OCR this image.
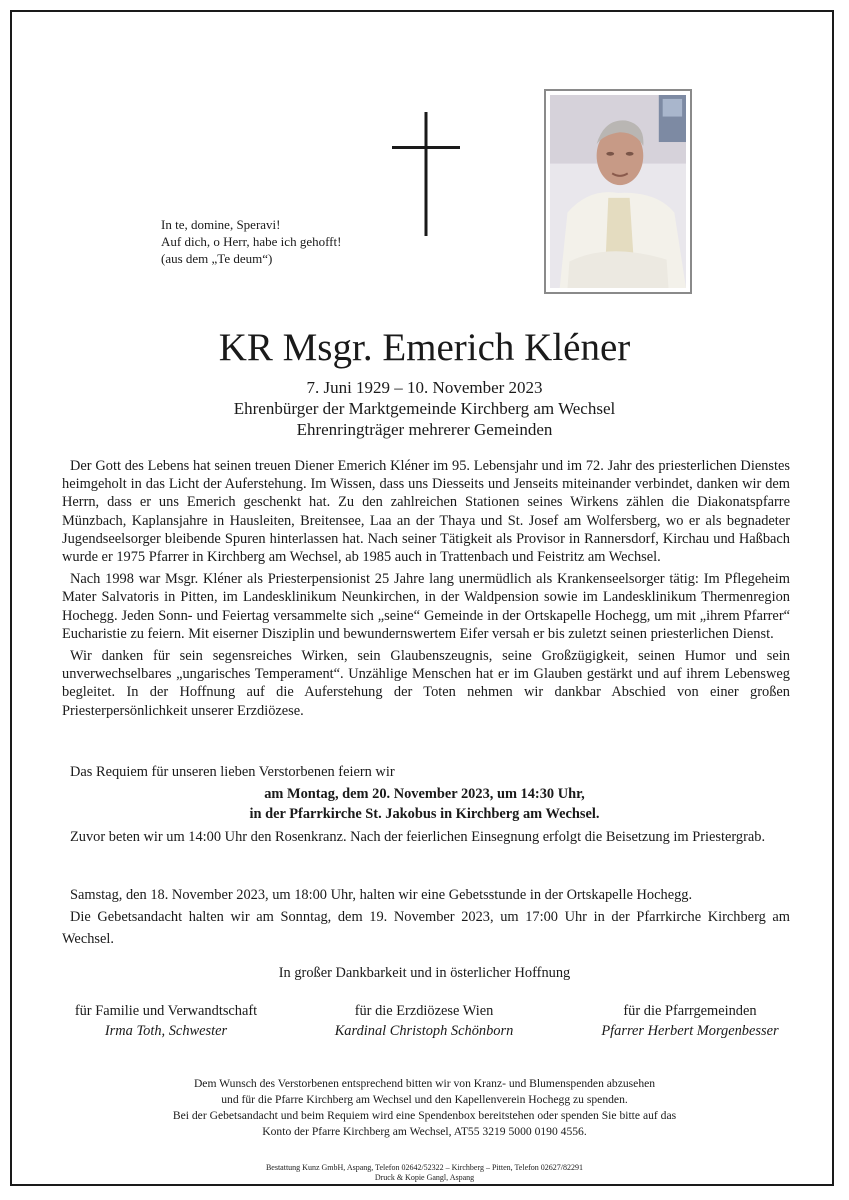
In te, domine, Speravi!
Auf dich, o Herr, habe ich gehofft!
(aus dem „Te deum“)
KR Msgr. Emerich Kléner
7. Juni 1929 – 10. November 2023
Ehrenbürger der Marktgemeinde Kirchberg am Wechsel
Ehrenringträger mehrerer Gemeinden

Der Gott des Lebens hat seinen treuen Diener Emerich Kléner im 95. Lebensjahr und im 72. Jahr des priesterlichen Dienstes heimgeholt in das Licht der Auferstehung. Im Wissen, dass uns Diesseits und Jenseits miteinander verbindet, danken wir dem Herrn, dass er uns Emerich geschenkt hat. Zu den zahlreichen Stationen seines Wirkens zählen die Diakonatspfarre Münzbach, Kaplansjahre in Hausleiten, Breitensee, Laa an der Thaya und St. Josef am Wolfersberg, wo er als begnadeter Jugendseelsorger bleibende Spuren hinterlassen hat. Nach seiner Tätigkeit als Provisor in Rannersdorf, Kirchau und Haßbach wurde er 1975 Pfarrer in Kirchberg am Wechsel, ab 1985 auch in Trattenbach und Feistritz am Wechsel.

Nach 1998 war Msgr. Kléner als Priesterpensionist 25 Jahre lang unermüdlich als Krankenseelsorger tätig: Im Pflegeheim Mater Salvatoris in Pitten, im Landesklinikum Neunkirchen, in der Waldpension sowie im Landesklinikum Thermenregion Hochegg. Jeden Sonn- und Feiertag versammelte sich „seine“ Gemeinde in der Ortskapelle Hochegg, um mit „ihrem Pfarrer“ Eucharistie zu feiern. Mit eiserner Disziplin und bewundernswertem Eifer versah er bis zuletzt seinen priesterlichen Dienst.

Wir danken für sein segensreiches Wirken, sein Glaubenszeugnis, seine Großzügigkeit, seinen Humor und sein unverwechselbares „ungarisches Temperament“. Unzählige Menschen hat er im Glauben gestärkt und auf ihrem Lebensweg begleitet. In der Hoffnung auf die Auferstehung der Toten nehmen wir dankbar Abschied von einer großen Priesterpersönlichkeit unserer Erzdiözese.

Das Requiem für unseren lieben Verstorbenen feiern wir
am Montag, dem 20. November 2023, um 14:30 Uhr,
in der Pfarrkirche St. Jakobus in Kirchberg am Wechsel.
Zuvor beten wir um 14:00 Uhr den Rosenkranz. Nach der feierlichen Einsegnung erfolgt die Beisetzung im Priestergrab.
Samstag, den 18. November 2023, um 18:00 Uhr, halten wir eine Gebetsstunde in der Ortskapelle Hochegg.
Die Gebetsandacht halten wir am Sonntag, dem 19. November 2023, um 17:00 Uhr in der Pfarrkirche Kirchberg am Wechsel.
In großer Dankbarkeit und in österlicher Hoffnung
für Familie und Verwandtschaft
Irma Toth, Schwester
für die Erzdiözese Wien
Kardinal Christoph Schönborn
für die Pfarrgemeinden
Pfarrer Herbert Morgenbesser
Dem Wunsch des Verstorbenen entsprechend bitten wir von Kranz- und Blumenspenden abzusehen
und für die Pfarre Kirchberg am Wechsel und den Kapellenverein Hochegg zu spenden.
Bei der Gebetsandacht und beim Requiem wird eine Spendenbox bereitstehen oder spenden Sie bitte auf das
Konto der Pfarre Kirchberg am Wechsel, AT55 3219 5000 0190 4556.
Bestattung Kunz GmbH, Aspang, Telefon 02642/52322 – Kirchberg – Pitten, Telefon 02627/82291
Druck & Kopie Gangl, Aspang
